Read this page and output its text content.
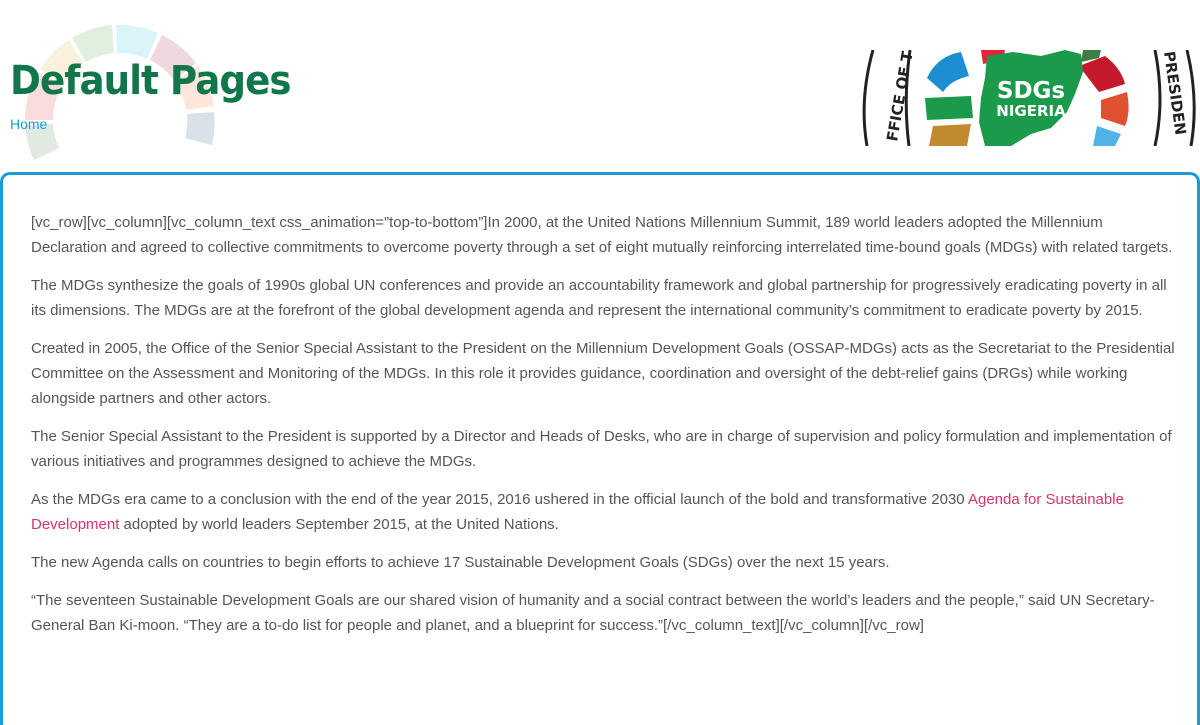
Default Pages
Home	FFICE OF T	PRESIDEN
SDGs
NIGERIA

[vc_row][vc_column][vc_column_text css_animation=”top-to-bottom”]In 2000, at the United Nations Millennium Summit, 189 world leaders adopted the Millennium Declaration and agreed to collective commitments to overcome poverty through a set of eight mutually reinforcing interrelated time-bound goals (MDGs) with related targets.

The MDGs synthesize the goals of 1990s global UN conferences and provide an accountability framework and global partnership for progressively eradicating poverty in all its dimensions. The MDGs are at the forefront of the global development agenda and represent the international community’s commitment to eradicate poverty by 2015.

Created in 2005, the Office of the Senior Special Assistant to the President on the Millennium Development Goals (OSSAP-MDGs) acts as the Secretariat to the Presidential Committee on the Assessment and Monitoring of the MDGs. In this role it provides guidance, coordination and oversight of the debt-relief gains (DRGs) while working alongside partners and other actors.

The Senior Special Assistant to the President is supported by a Director and Heads of Desks, who are in charge of supervision and policy formulation and implementation of various initiatives and programmes designed to achieve the MDGs.

As the MDGs era came to a conclusion with the end of the year 2015, 2016 ushered in the official launch of the bold and transformative 2030 Agenda for Sustainable Development adopted by world leaders September 2015, at the United Nations.

The new Agenda calls on countries to begin efforts to achieve 17 Sustainable Development Goals (SDGs) over the next 15 years.

“The seventeen Sustainable Development Goals are our shared vision of humanity and a social contract between the world’s leaders and the people,” said UN Secretary-General Ban Ki-moon. “They are a to-do list for people and planet, and a blueprint for success.”[/vc_column_text][/vc_column][/vc_row]
